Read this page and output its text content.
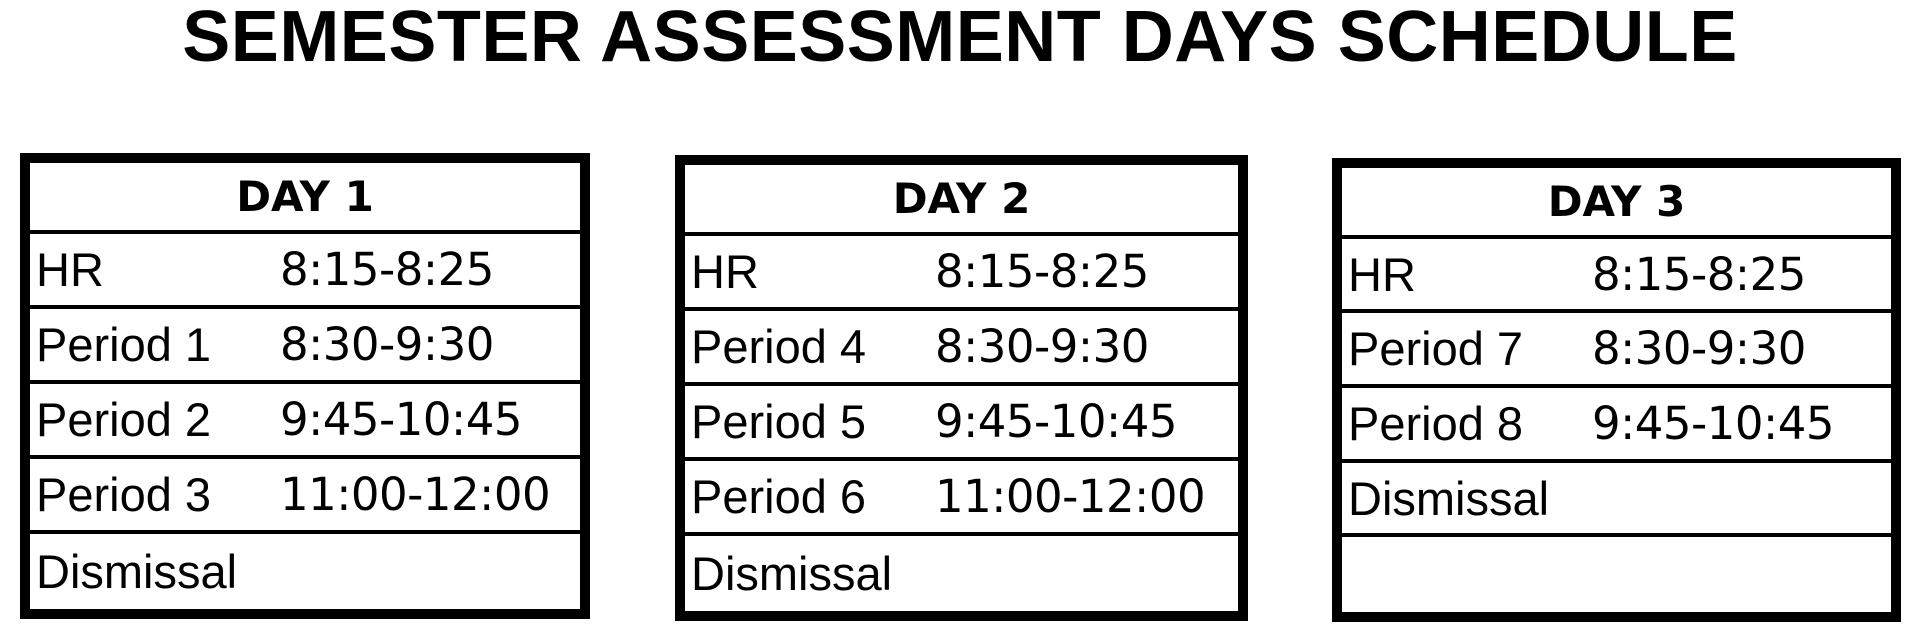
SEMESTER ASSESSMENT DAYS SCHEDULE
DAY 1
HR	8:15-8:25
Period 1 8:30-9:30
Period 2 9:45-10:45
Period 3 11:00-12:00
Dismissal
DAY 2
HR	8:15-8:25
Period 4 8:30-9:30
Period 5 9:45-10:45
Period 6 11:00-12:00
Dismissal
DAY 3
HR	8:15-8:25
Period 7 8:30-9:30
Period 8 9:45-10:45
Dismissal
